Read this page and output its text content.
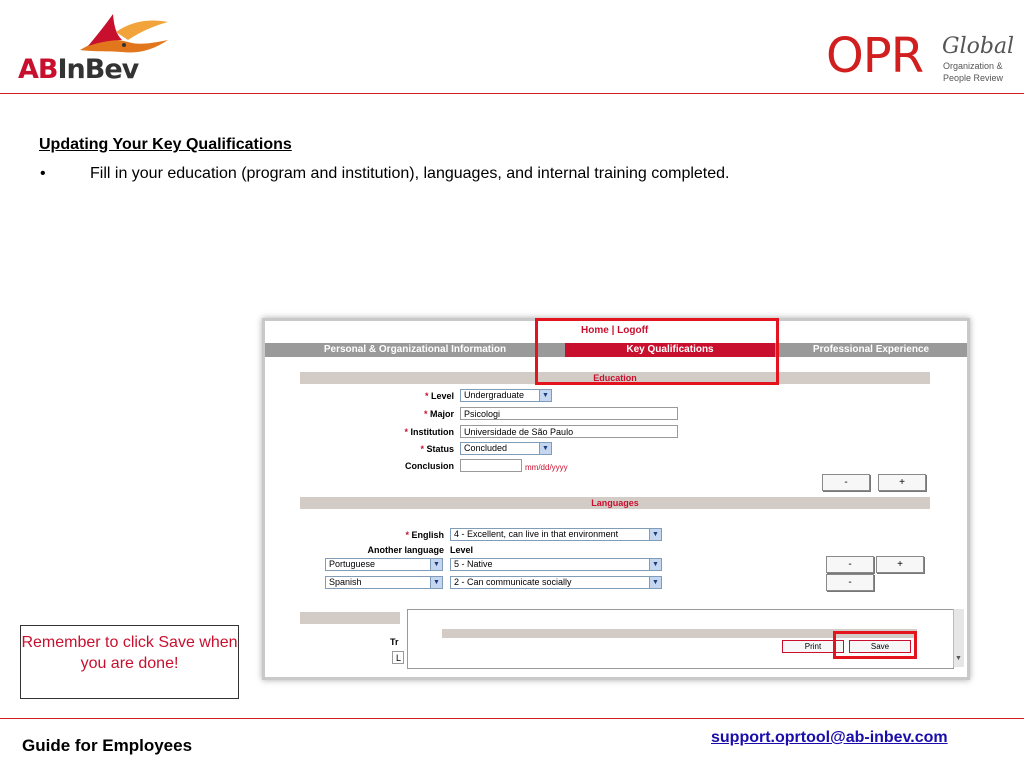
ABInBev	OPR Global
Organization &
People Review
Updating Your Key Qualifications
•	Fill in your education (program and institution), languages, and internal training completed.
Home | Logoff
Personal & Organizational Information	Key Qualifications	Professional Experience
Education
* Level	Undergraduate	▼
* Major	Psicologi
* Institution	Universidade de São Paulo
* Status	Concluded	▼
Conclusion	mm/dd/yyyy
-	+
Languages
* English	4 - Excellent, can live in that environment	▼
Another language Level
Portuguese	▼	5 - Native	▼	-	+
Spanish	▼	2 - Can communicate socially	▼	-
Tr
L
Print	Save
▼
Remember to click Save when you are done!
Guide for Employees	support.oprtool@ab-inbev.com
